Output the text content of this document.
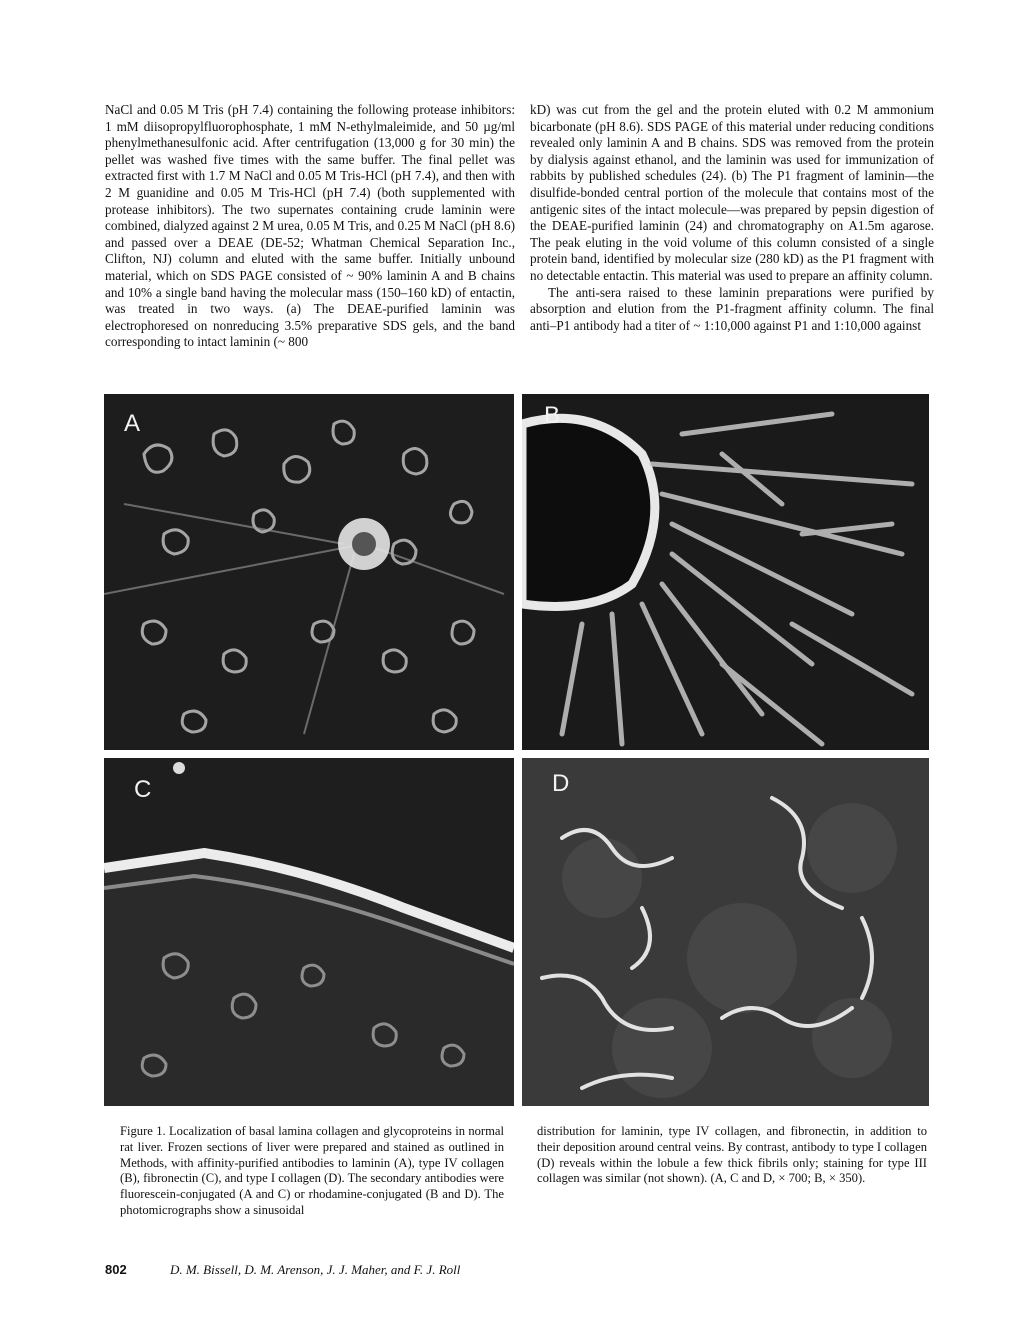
NaCl and 0.05 M Tris (pH 7.4) containing the following protease inhibitors: 1 mM diisopropylfluorophosphate, 1 mM N-ethylmaleimide, and 50 µg/ml phenylmethanesulfonic acid. After centrifugation (13,000 g for 30 min) the pellet was washed five times with the same buffer. The final pellet was extracted first with 1.7 M NaCl and 0.05 M Tris-HCl (pH 7.4), and then with 2 M guanidine and 0.05 M Tris-HCl (pH 7.4) (both supplemented with protease inhibitors). The two supernates containing crude laminin were combined, dialyzed against 2 M urea, 0.05 M Tris, and 0.25 M NaCl (pH 8.6) and passed over a DEAE (DE-52; Whatman Chemical Separation Inc., Clifton, NJ) column and eluted with the same buffer. Initially unbound material, which on SDS PAGE consisted of ~ 90% laminin A and B chains and 10% a single band having the molecular mass (150–160 kD) of entactin, was treated in two ways. (a) The DEAE-purified laminin was electrophoresed on nonreducing 3.5% preparative SDS gels, and the band corresponding to intact laminin (~ 800

kD) was cut from the gel and the protein eluted with 0.2 M ammonium bicarbonate (pH 8.6). SDS PAGE of this material under reducing conditions revealed only laminin A and B chains. SDS was removed from the protein by dialysis against ethanol, and the laminin was used for immunization of rabbits by published schedules (24). (b) The P1 fragment of laminin—the disulfide-bonded central portion of the molecule that contains most of the antigenic sites of the intact molecule—was prepared by pepsin digestion of the DEAE-purified laminin (24) and chromatography on A1.5m agarose. The peak eluting in the void volume of this column consisted of a single protein band, identified by molecular size (280 kD) as the P1 fragment with no detectable entactin. This material was used to prepare an affinity column.

The anti-sera raised to these laminin preparations were purified by absorption and elution from the P1-fragment affinity column. The final anti–P1 antibody had a titer of ~ 1:10,000 against P1 and 1:10,000 against

A	B
C	D

Figure 1. Localization of basal lamina collagen and glycoproteins in normal rat liver. Frozen sections of liver were prepared and stained as outlined in Methods, with affinity-purified antibodies to laminin (A), type IV collagen (B), fibronectin (C), and type I collagen (D). The secondary antibodies were fluorescein-conjugated (A and C) or rhodamine-conjugated (B and D). The photomicrographs show a sinusoidal

distribution for laminin, type IV collagen, and fibronectin, in addition to their deposition around central veins. By contrast, antibody to type I collagen (D) reveals within the lobule a few thick fibrils only; staining for type III collagen was similar (not shown). (A, C and D, × 700; B, × 350).

802	D. M. Bissell, D. M. Arenson, J. J. Maher, and F. J. Roll
